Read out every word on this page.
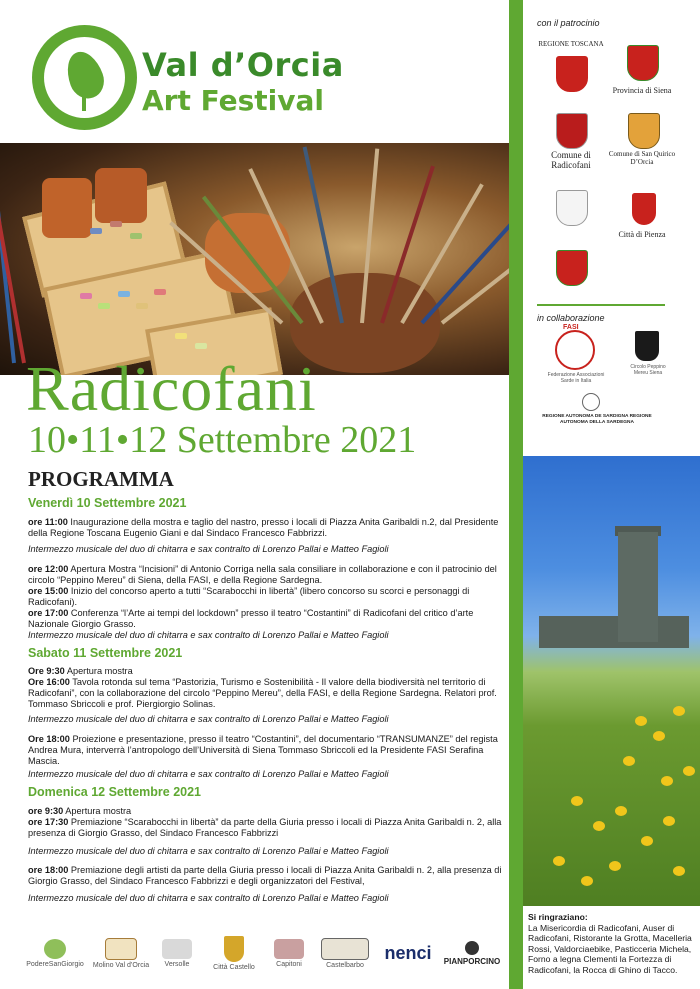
Val d’Orcia
Art Festival
Radicofani
10•11•12 Settembre 2021
PROGRAMMA
Venerdì 10 Settembre 2021
ore 11:00 Inaugurazione della mostra e taglio del nastro, presso i locali di Piazza Anita Garibaldi n.2, dal Presidente della Regione Toscana Eugenio Giani e dal Sindaco Francesco Fabbrizzi.
Intermezzo musicale del duo di chitarra e sax contralto di Lorenzo Pallai e Matteo Fagioli
ore 12:00 Apertura Mostra “Incisioni” di Antonio Corriga nella sala consiliare in collaborazione e con il patrocinio del circolo “Peppino Mereu” di Siena, della FASI, e della Regione Sardegna.
ore 15:00 Inizio del concorso aperto a tutti “Scarabocchi in libertà” (libero concorso su scorci e personaggi di Radicofani).
ore 17:00 Conferenza “l’Arte ai tempi del lockdown” presso il teatro “Costantini” di Radicofani del critico d’arte Nazionale Giorgio Grasso.
Intermezzo musicale del duo di chitarra e sax contralto di Lorenzo Pallai e Matteo Fagioli
Sabato 11 Settembre 2021
Ore 9:30 Apertura mostra
Ore 16:00 Tavola rotonda sul tema “Pastorizia, Turismo e Sostenibilità - Il valore della biodiversità nel territorio di Radicofani”, con la collaborazione del circolo “Peppino Mereu”, della FASI, e della Regione Sardegna. Relatori prof. Tommaso Sbriccoli e prof. Piergiorgio Solinas.
Intermezzo musicale del duo di chitarra e sax contralto di Lorenzo Pallai e Matteo Fagioli
Ore 18:00 Proiezione e presentazione, presso il teatro “Costantini”, del documentario “TRANSUMANZE” del regista Andrea Mura, interverrà l’antropologo dell’Università di Siena Tommaso Sbriccoli ed la Presidente FASI Serafina Mascia.
Intermezzo musicale del duo di chitarra e sax contralto di Lorenzo Pallai e Matteo Fagioli
Domenica 12 Settembre 2021
ore 9:30 Apertura mostra
ore 17:30 Premiazione “Scarabocchi in libertà” da parte della Giuria presso i locali di Piazza Anita Garibaldi n. 2, alla presenza di Giorgio Grasso, del Sindaco Francesco Fabbrizzi
Intermezzo musicale del duo di chitarra e sax contralto di Lorenzo Pallai e Matteo Fagioli
ore 18:00 Premiazione degli artisti da parte della Giuria presso i locali di Piazza Anita Garibaldi n. 2, alla presenza di Giorgio Grasso, del Sindaco Francesco Fabbrizzi e degli organizzatori del Festival,
Intermezzo musicale del duo di chitarra e sax contralto di Lorenzo Pallai e Matteo Fagioli
PodereSanGiorgio Molino Val d’Orcia Versolle	Città Castello	Capitoni	Castelbarbo
nenci PIANPORCINO
con il patrocinio
REGIONE TOSCANA
Provincia di Siena
Comune di Radicofani
Comune di San Quirico D’Orcia
Città di Pienza
in collaborazione
FASI
Federazione Associazioni Sarde in Italia
Circolo Peppino Mereu Siena
REGIONE AUTONOMA DE SARDIGNA REGIONE AUTONOMA DELLA SARDEGNA
Si ringraziano:
La Misericordia di Radicofani, Auser di Radicofani, Ristorante la Grotta, Macelleria Rossi, Valdorciaebike, Pasticceria Michela, Forno a legna Clementi la Fortezza di Radicofani, la Rocca di Ghino di Tacco.
